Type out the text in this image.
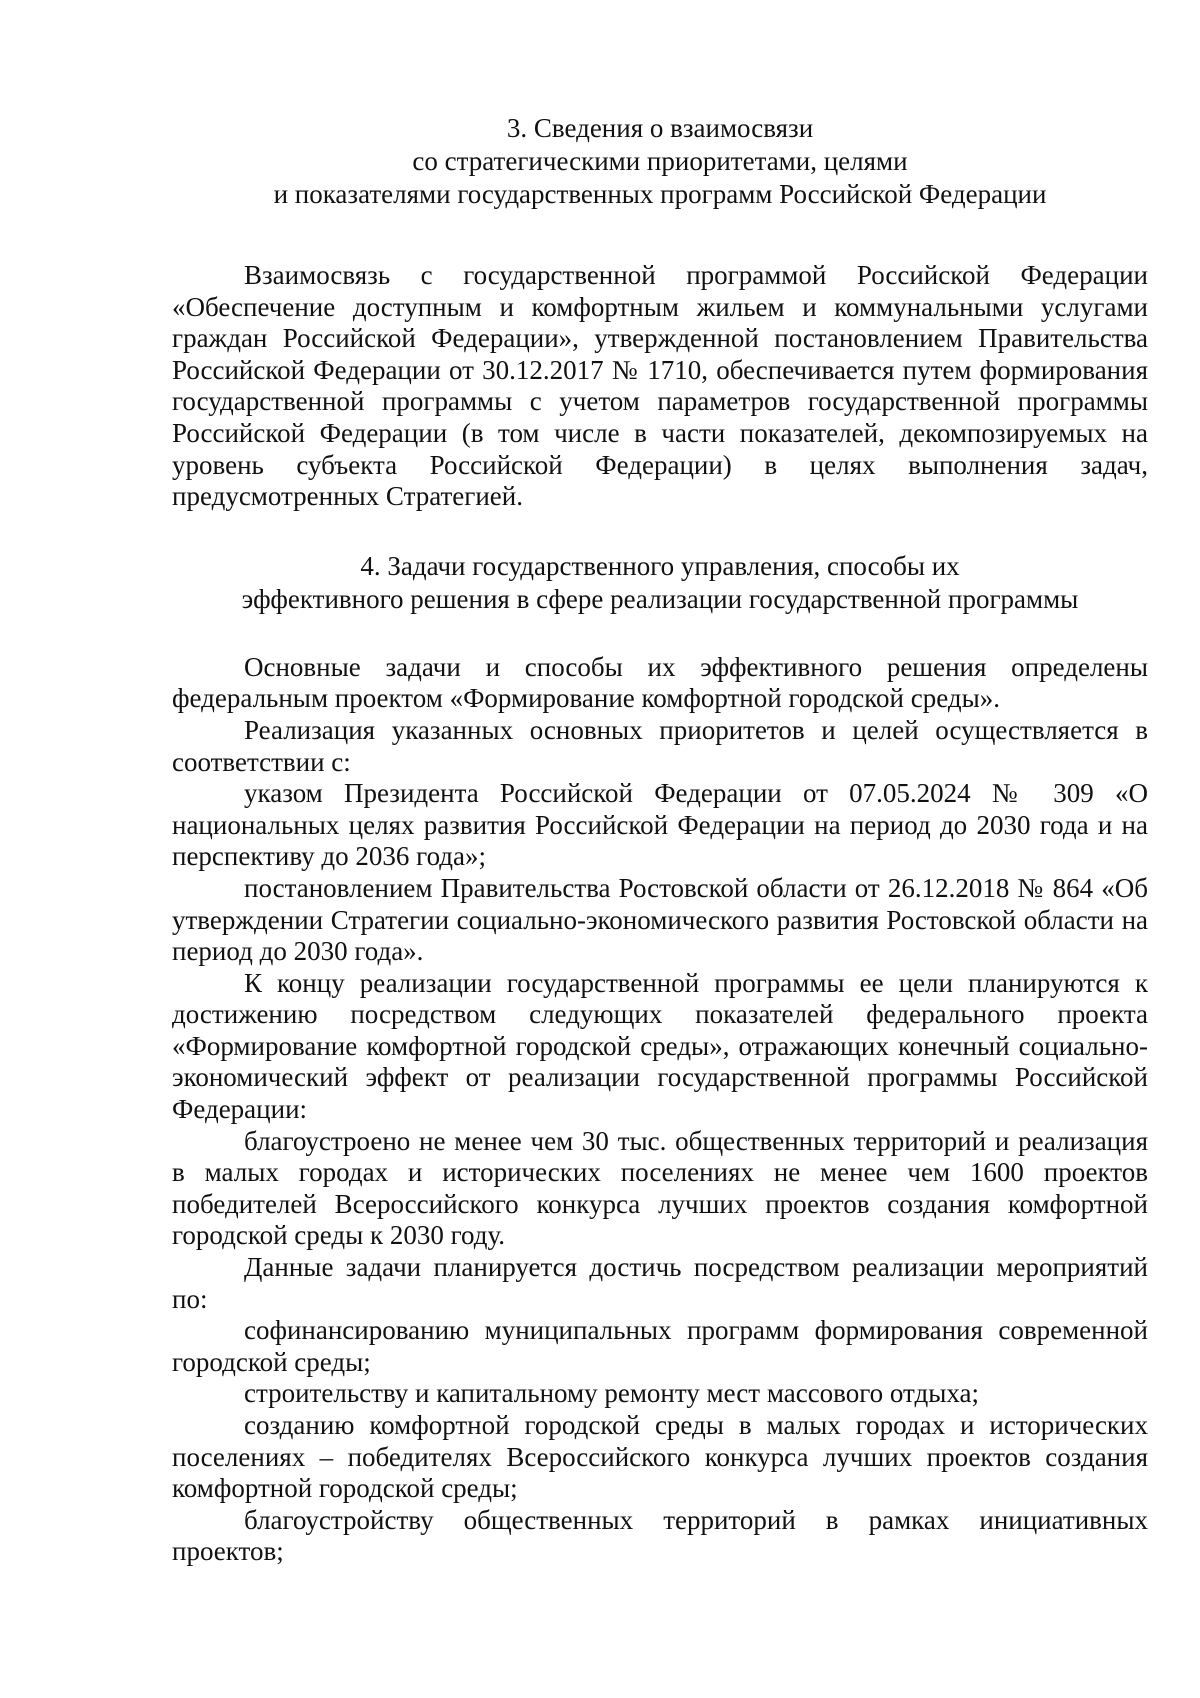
3. Сведения о взаимосвязи
со стратегическими приоритетами, целями
и показателями государственных программ Российской Федерации

Взаимосвязь с государственной программой Российской Федерации «Обеспечение доступным и комфортным жильем и коммунальными услугами граждан Российской Федерации», утвержденной постановлением Правительства Российской Федерации от 30.12.2017 № 1710, обеспечивается путем формирования государственной программы с учетом параметров государственной программы Российской Федерации (в том числе в части показателей, декомпозируемых на уровень субъекта Российской Федерации) в целях выполнения задач, предусмотренных Стратегией.

4. Задачи государственного управления, способы их
эффективного решения в сфере реализации государственной программы

Основные задачи и способы их эффективного решения определены федеральным проектом «Формирование комфортной городской среды».

Реализация указанных основных приоритетов и целей осуществляется в соответствии с:

указом Президента Российской Федерации от 07.05.2024 № 309 «О национальных целях развития Российской Федерации на период до 2030 года и на перспективу до 2036 года»;

постановлением Правительства Ростовской области от 26.12.2018 № 864 «Об утверждении Стратегии социально-экономического развития Ростовской области на период до 2030 года».

К концу реализации государственной программы ее цели планируются к достижению посредством следующих показателей федерального проекта «Формирование комфортной городской среды», отражающих конечный социально-экономический эффект от реализации государственной программы Российской Федерации:

благоустроено не менее чем 30 тыс. общественных территорий и реализация в малых городах и исторических поселениях не менее чем 1600 проектов победителей Всероссийского конкурса лучших проектов создания комфортной городской среды к 2030 году.

Данные задачи планируется достичь посредством реализации мероприятий по:

софинансированию муниципальных программ формирования современной городской среды;

строительству и капитальному ремонту мест массового отдыха;

созданию комфортной городской среды в малых городах и исторических поселениях – победителях Всероссийского конкурса лучших проектов создания комфортной городской среды;

благоустройству общественных территорий в рамках инициативных проектов;
